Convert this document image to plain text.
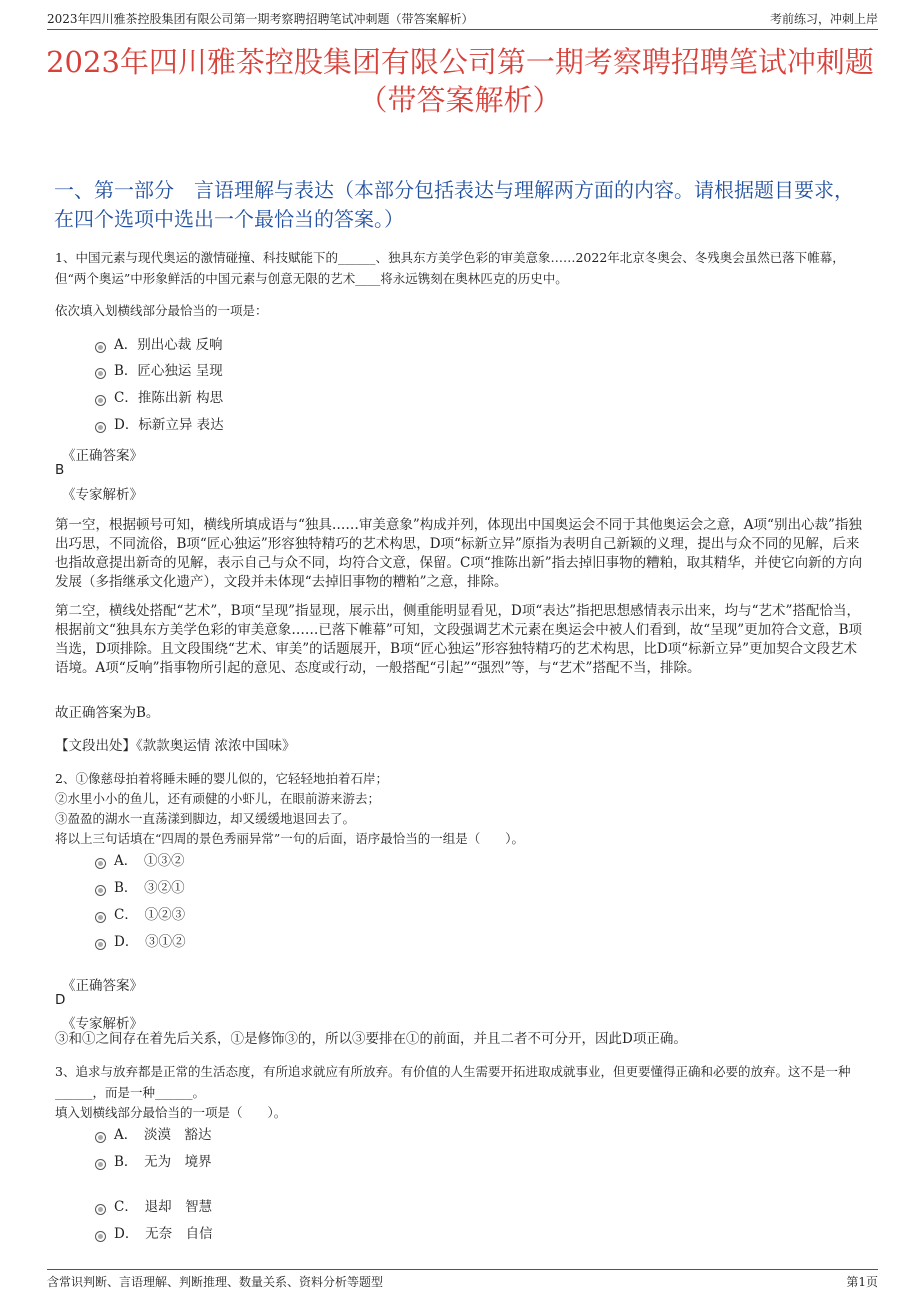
2023年四川雅茶控股集团有限公司第一期考察聘招聘笔试冲刺题（带答案解析）	考前练习，冲刺上岸
2023年四川雅茶控股集团有限公司第一期考察聘招聘笔试冲刺题（带答案解析）
一、第一部分　言语理解与表达（本部分包括表达与理解两方面的内容。请根据题目要求，在四个选项中选出一个最恰当的答案。）
1、中国元素与现代奥运的激情碰撞、科技赋能下的______、独具东方美学色彩的审美意象……2022年北京冬奥会、冬残奥会虽然已落下帷幕，但“两个奥运”中形象鲜活的中国元素与创意无限的艺术____将永远镌刻在奥林匹克的历史中。
依次填入划横线部分最恰当的一项是：
A．别出心裁 反响
B．匠心独运 呈现
C．推陈出新 构思
D．标新立异 表达
《正确答案》
B
《专家解析》
第一空，根据顿号可知，横线所填成语与“独具……审美意象”构成并列，体现出中国奥运会不同于其他奥运会之意，A项“别出心裁”指独出巧思，不同流俗，B项“匠心独运”形容独特精巧的艺术构思，D项“标新立异”原指为表明自己新颖的义理，提出与众不同的见解，后来也指故意提出新奇的见解，表示自己与众不同，均符合文意，保留。C项“推陈出新”指去掉旧事物的糟粕，取其精华，并使它向新的方向发展（多指继承文化遗产），文段并未体现“去掉旧事物的糟粕”之意，排除。
第二空，横线处搭配“艺术”，B项“呈现”指显现，展示出，侧重能明显看见，D项“表达”指把思想感情表示出来，均与“艺术”搭配恰当，根据前文“独具东方美学色彩的审美意象……已落下帷幕”可知，文段强调艺术元素在奥运会中被人们看到，故“呈现”更加符合文意，B项当选，D项排除。且文段围绕“艺术、审美”的话题展开，B项“匠心独运”形容独特精巧的艺术构思，比D项“标新立异”更加契合文段艺术语境。A项“反响”指事物所引起的意见、态度或行动，一般搭配“引起”“强烈”等，与“艺术”搭配不当，排除。
故正确答案为B。
【文段出处】《款款奥运情 浓浓中国味》
2、①像慈母拍着将睡未睡的婴儿似的，它轻轻地拍着石岸；
②水里小小的鱼儿，还有顽健的小虾儿，在眼前游来游去；
③盈盈的湖水一直荡漾到脚边，却又缓缓地退回去了。
将以上三句话填在“四周的景色秀丽异常”一句的后面，语序最恰当的一组是（　　）。
A．　①③②
B．　③②①
C．　①②③
D．　③①②
《正确答案》
D
《专家解析》
③和①之间存在着先后关系，①是修饰③的，所以③要排在①的前面，并且二者不可分开，因此D项正确。
3、追求与放弃都是正常的生活态度，有所追求就应有所放弃。有价值的人生需要开拓进取成就事业，但更要懂得正确和必要的放弃。这不是一种______，而是一种______。
填入划横线部分最恰当的一项是（　　）。
A．　淡漠　豁达
B．　无为　境界
C．　退却　智慧
D．　无奈　自信
含常识判断、言语理解、判断推理、数量关系、资料分析等题型	第1页
